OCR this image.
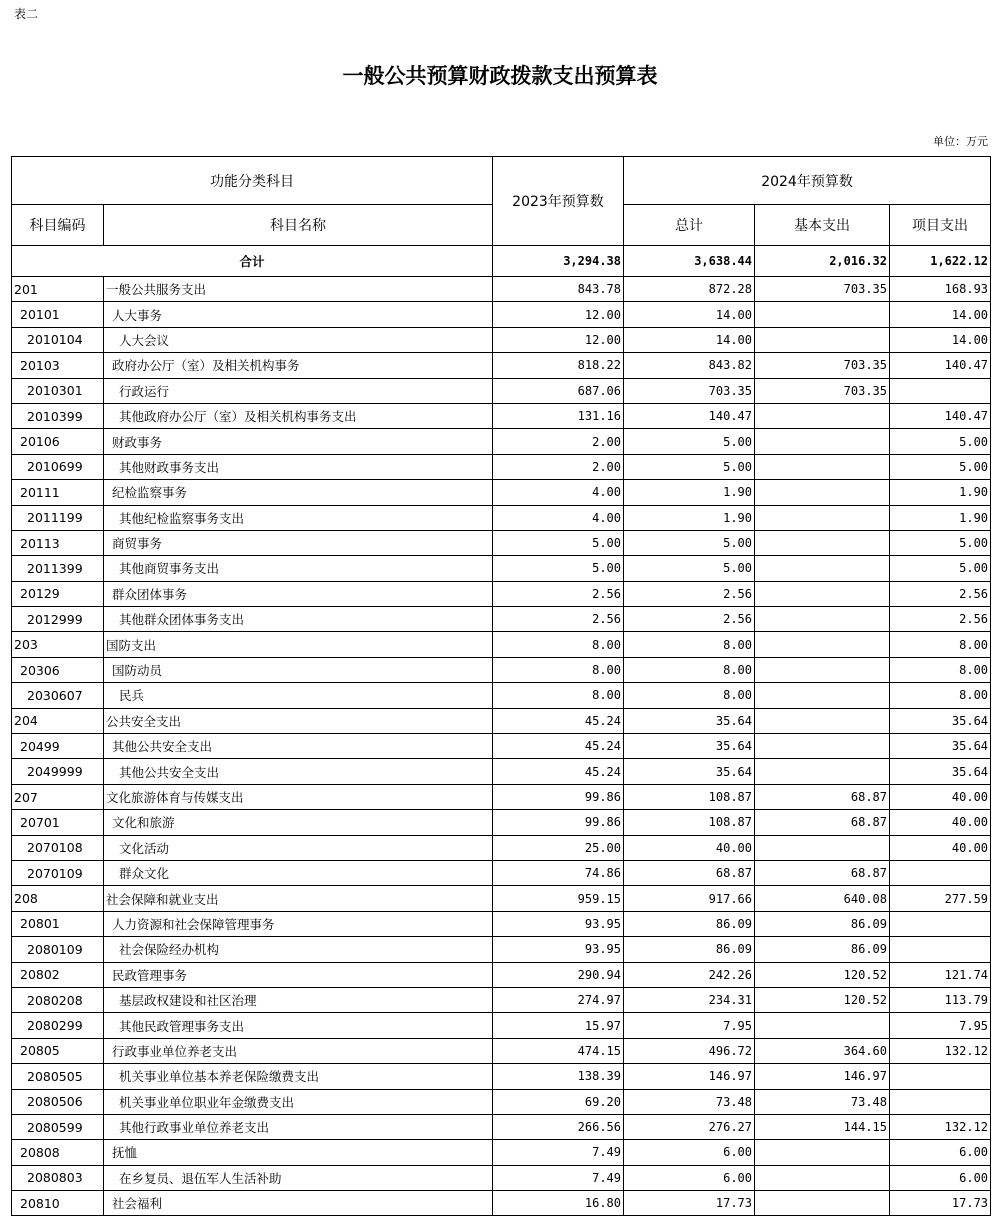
表二
一般公共预算财政拨款支出预算表
单位：万元
功能分类科目		2023年预算数	2024年预算数		
科目编码	科目名称		总计	基本支出	项目支出
合计		3,294.38	3,638.44	2,016.32	1,622.12
201	一般公共服务支出	843.78	872.28	703.35	168.93
20101	人大事务	12.00	14.00		14.00
2010104	人大会议	12.00	14.00		14.00
20103	政府办公厅（室）及相关机构事务	818.22	843.82	703.35	140.47
2010301	行政运行	687.06	703.35	703.35	
2010399	其他政府办公厅（室）及相关机构事务支出	131.16	140.47		140.47
20106	财政事务	2.00	5.00		5.00
2010699	其他财政事务支出	2.00	5.00		5.00
20111	纪检监察事务	4.00	1.90		1.90
2011199	其他纪检监察事务支出	4.00	1.90		1.90
20113	商贸事务	5.00	5.00		5.00
2011399	其他商贸事务支出	5.00	5.00		5.00
20129	群众团体事务	2.56	2.56		2.56
2012999	其他群众团体事务支出	2.56	2.56		2.56
203	国防支出	8.00	8.00		8.00
20306	国防动员	8.00	8.00		8.00
2030607	民兵	8.00	8.00		8.00
204	公共安全支出	45.24	35.64		35.64
20499	其他公共安全支出	45.24	35.64		35.64
2049999	其他公共安全支出	45.24	35.64		35.64
207	文化旅游体育与传媒支出	99.86	108.87	68.87	40.00
20701	文化和旅游	99.86	108.87	68.87	40.00
2070108	文化活动	25.00	40.00		40.00
2070109	群众文化	74.86	68.87	68.87	
208	社会保障和就业支出	959.15	917.66	640.08	277.59
20801	人力资源和社会保障管理事务	93.95	86.09	86.09	
2080109	社会保险经办机构	93.95	86.09	86.09	
20802	民政管理事务	290.94	242.26	120.52	121.74
2080208	基层政权建设和社区治理	274.97	234.31	120.52	113.79
2080299	其他民政管理事务支出	15.97	7.95		7.95
20805	行政事业单位养老支出	474.15	496.72	364.60	132.12
2080505	机关事业单位基本养老保险缴费支出	138.39	146.97	146.97	
2080506	机关事业单位职业年金缴费支出	69.20	73.48	73.48	
2080599	其他行政事业单位养老支出	266.56	276.27	144.15	132.12
20808	抚恤	7.49	6.00		6.00
2080803	在乡复员、退伍军人生活补助	7.49	6.00		6.00
20810	社会福利	16.80	17.73		17.73
